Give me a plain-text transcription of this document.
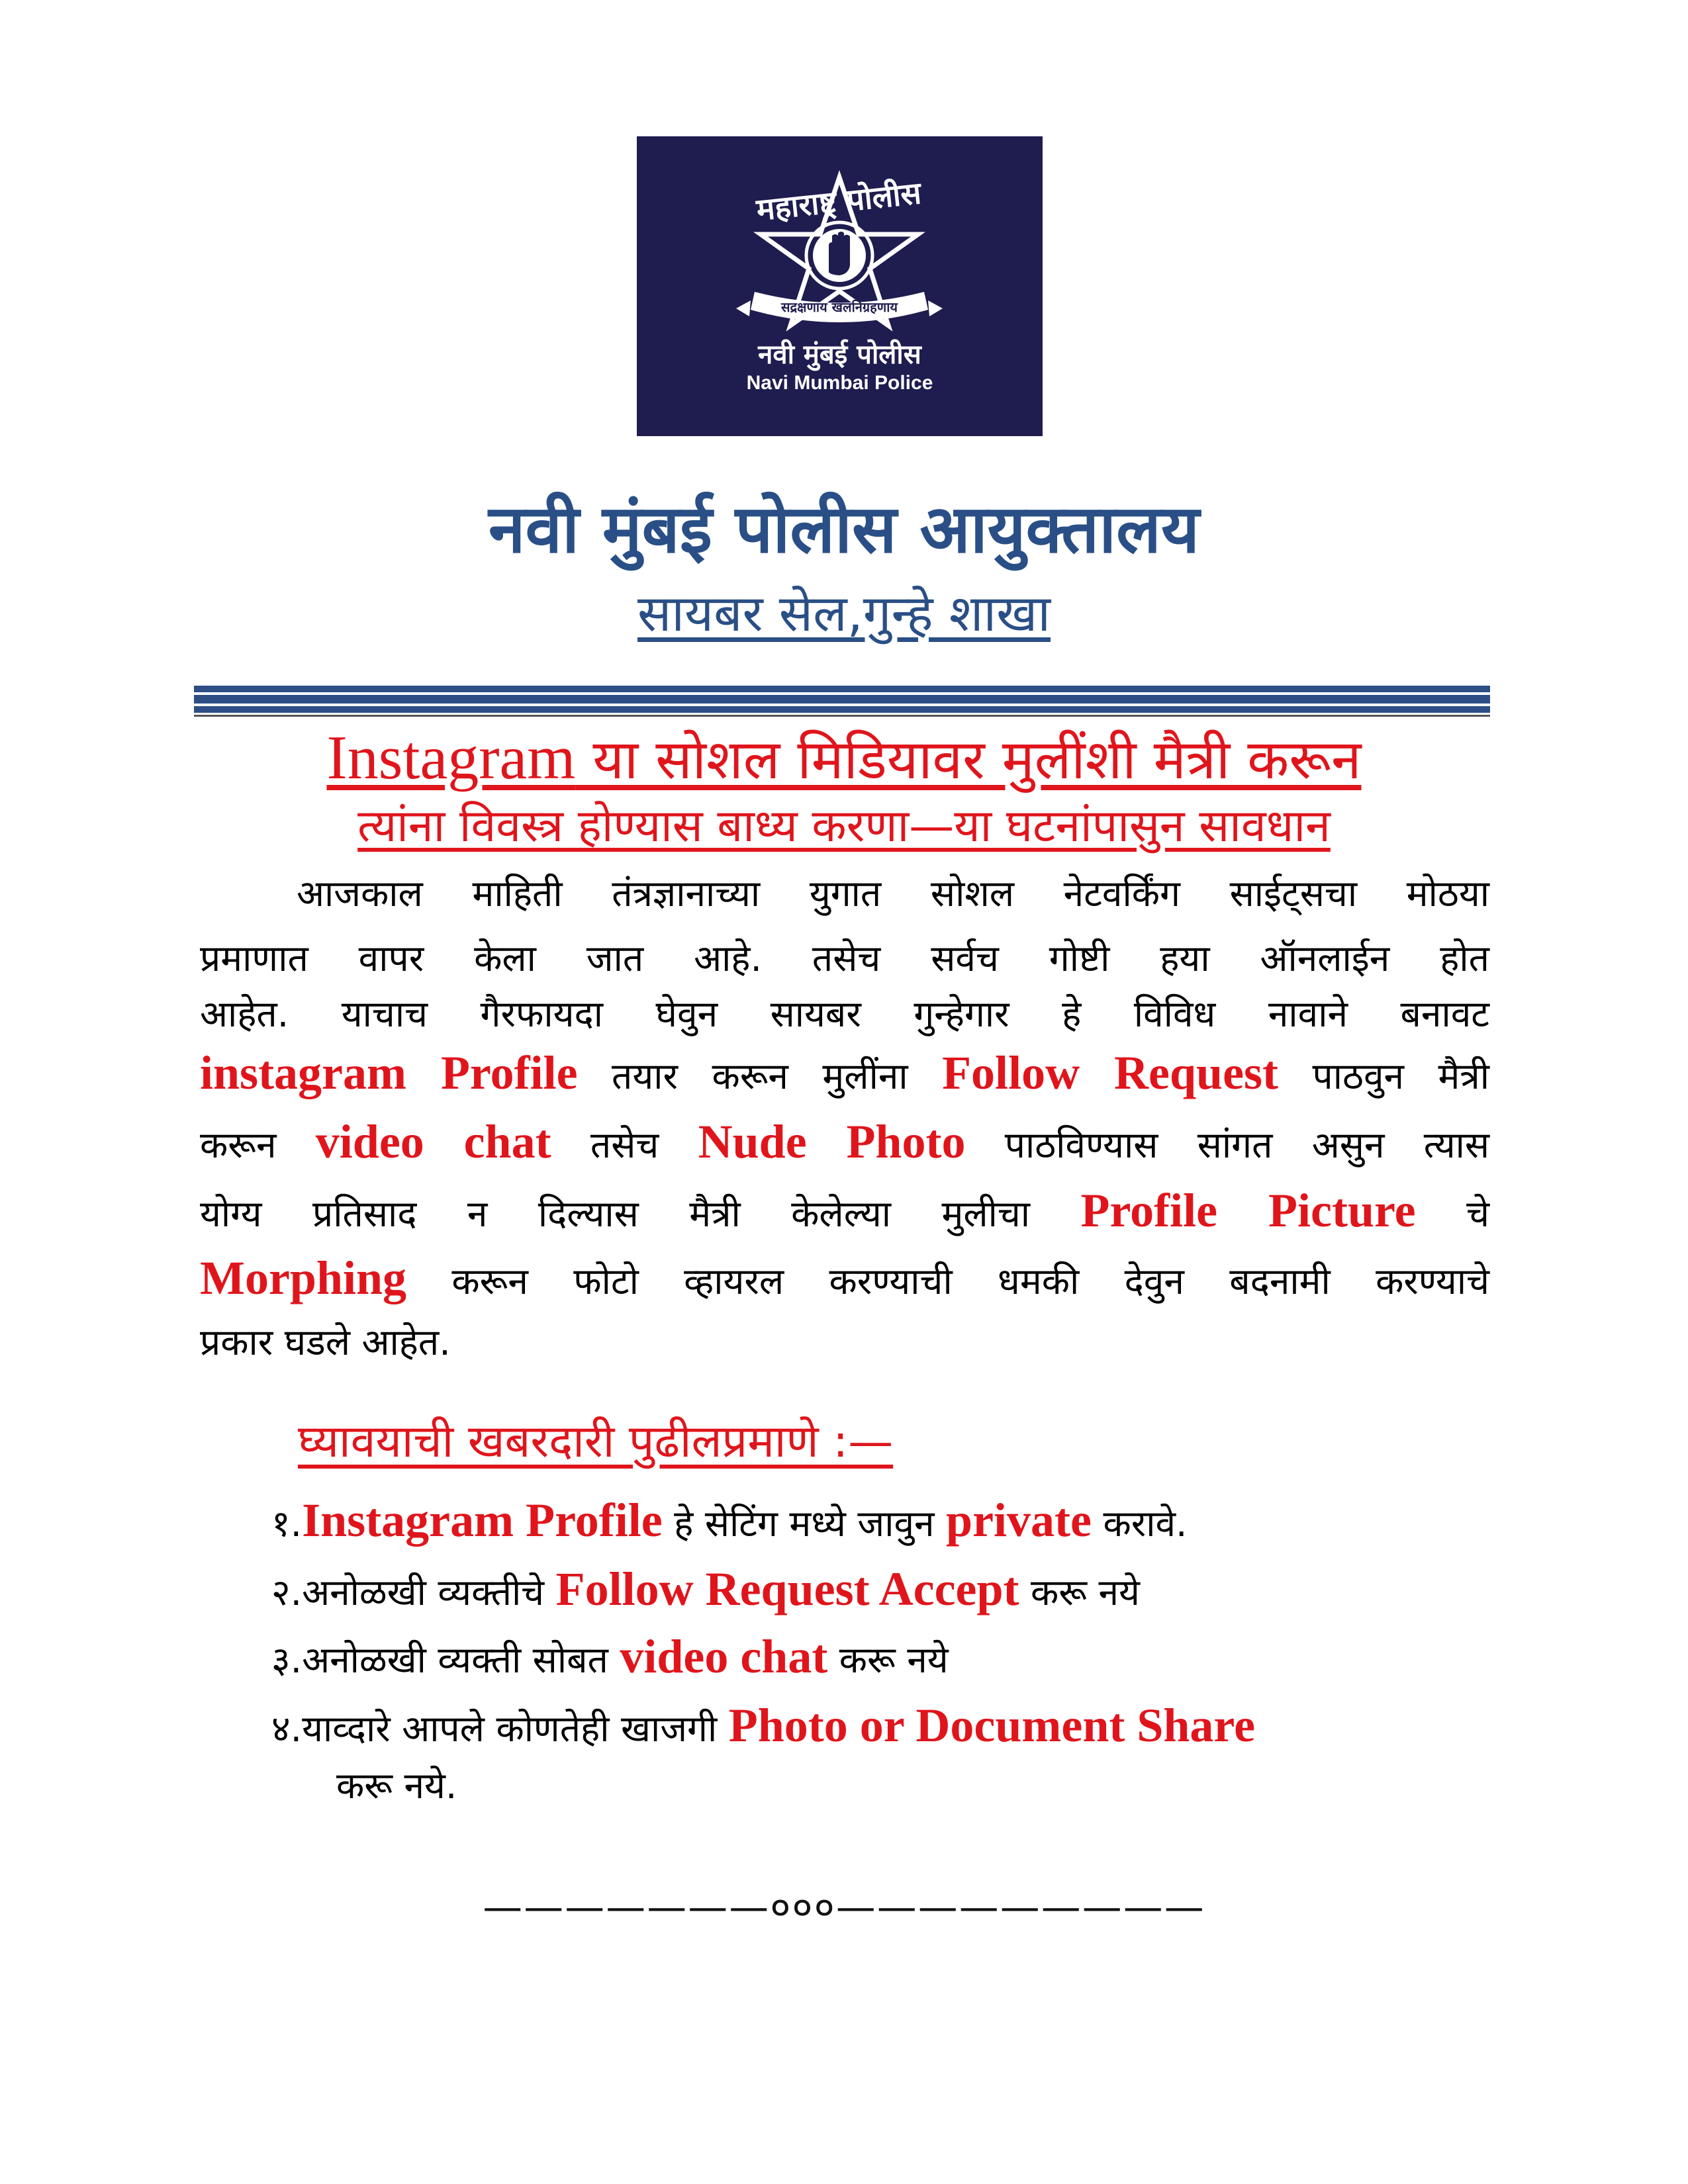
महाराष्ट्र पोलीस
सद्रक्षणाय खलनिग्रहणाय
नवी मुंबई पोलीस
Navi Mumbai Police
नवी मुंबई पोलीस आयुक्तालय
सायबर सेल,गुन्हे शाखा
Instagram या सोशल मिडियावर मुलींशी मैत्री करून
त्यांना विवस्त्र होण्यास बाध्य करणा—या घटनांपासुन सावधान
आजकाल माहिती तंत्रज्ञानाच्या युगात सोशल नेटवर्किंग साईट्सचा मोठया
प्रमाणात वापर केला जात आहे. तसेच सर्वच गोष्टी हया ऑनलाईन होत
आहेत. याचाच गैरफायदा घेवुन सायबर गुन्हेगार हे विविध नावाने बनावट
instagram Profile तयार करून मुलींना Follow Request पाठवुन मैत्री
करून video chat तसेच Nude Photo पाठविण्यास सांगत असुन त्यास
योग्य प्रतिसाद न दिल्यास मैत्री केलेल्या मुलीचा Profile Picture चे
Morphing करून फोटो व्हायरल करण्याची धमकी देवुन बदनामी करण्याचे
प्रकार घडले आहेत.
घ्यावयाची खबरदारी पुढीलप्रमाणे :—
१.Instagram Profile हे सेटिंग मध्ये जावुन private करावे.
२.अनोळखी व्यक्तीचे Follow Request Accept करू नये
३.अनोळखी व्यक्ती सोबत video chat करू नये
४.याव्दारे आपले कोणतेही खाजगी Photo or Document Share
करू नये.
———————०००—————————
